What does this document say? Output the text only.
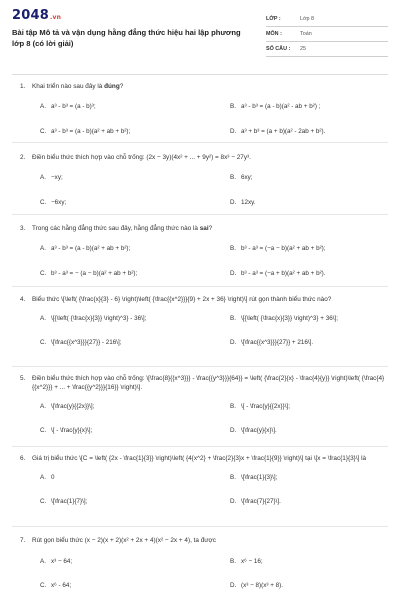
2048.vn
Bài tập Mô tả và vận dụng hằng đẳng thức hiệu hai lập phương lớp 8 (có lời giải)
LỚP :	Lớp 8
MÔN :	Toán
SỐ CÂU :	25
1.	Khai triển nào sau đây là đúng?
A. a³ - b³ = (a - b)³;	B. a³ - b³ = (a - b)(a² - ab + b²) ;
C. a³ - b³ = (a - b)(a² + ab + b²);	D. a³ + b³ = (a + b)(a² - 2ab + b²).
2.	Điền biểu thức thích hợp vào chỗ trống: (2x − 3y)(4x² + ... + 9y²) = 8x³ − 27y³.
A. −xy;	B. 6xy;
C. −6xy;	D. 12xy.
3.	Trong các hằng đẳng thức sau đây, hằng đẳng thức nào là sai?
A. a³ - b³ = (a - b)(a² + ab + b²);	B. b³ - a³ = (−a − b)(a² + ab + b²);
C. b³ - a³ = − (a − b)(a² + ab + b²);	D. b³ - a³ = (−a + b)(a² + ab + b²).
4.	Biểu thức \[\left( {\frac{x}{3} - 6} \right)\left( {\frac{{x^2}}}{9} + 2x + 36} \right)\] rút gọn thành biểu thức nào?
A. \[{\left( {\frac{x}{3}} \right)^3} - 36\];	B. \[{\left( {\frac{x}{3}} \right)^3} + 36\];
C. \[\frac{{x^3}}}{27}} - 216\];	D. \[\frac{{x^3}}}{27}} + 216\].
5.	Điền biểu thức thích hợp vào chỗ trống: \[\frac{8}{{x^3}}} - \frac{{y^3}}}{64}} = \left( {\frac{2}{x} - \frac{4}{y}} \right)\left( {\frac{4}{{x^2}}} + ... + \frac{{y^2}}}{16}} \right)\].
A. \[\frac{y}{{2x}}\];	B. \[ - \frac{y}{{2x}}\];
C. \[ - \frac{y}{x}\];	D. \[\frac{y}{x}\].
6.	Giá trị biểu thức \[C = \left( {2x - \frac{1}{3}} \right)\left( {4{x^2} + \frac{2}{3}x + \frac{1}{9}} \right)\] tại \[x = \frac{1}{3}\] là
A. 0	B. \[\frac{1}{3}\];
C. \[\frac{1}{7}\];	D. \[\frac{7}{27}\].
7.	Rút gọn biểu thức (x − 2)(x + 2)(x² + 2x + 4)(x² − 2x + 4), ta được
A. x³ − 64;	B. x⁶ − 16;
C. x⁶ - 64;	D. (x³ − 8)(x³ + 8).
